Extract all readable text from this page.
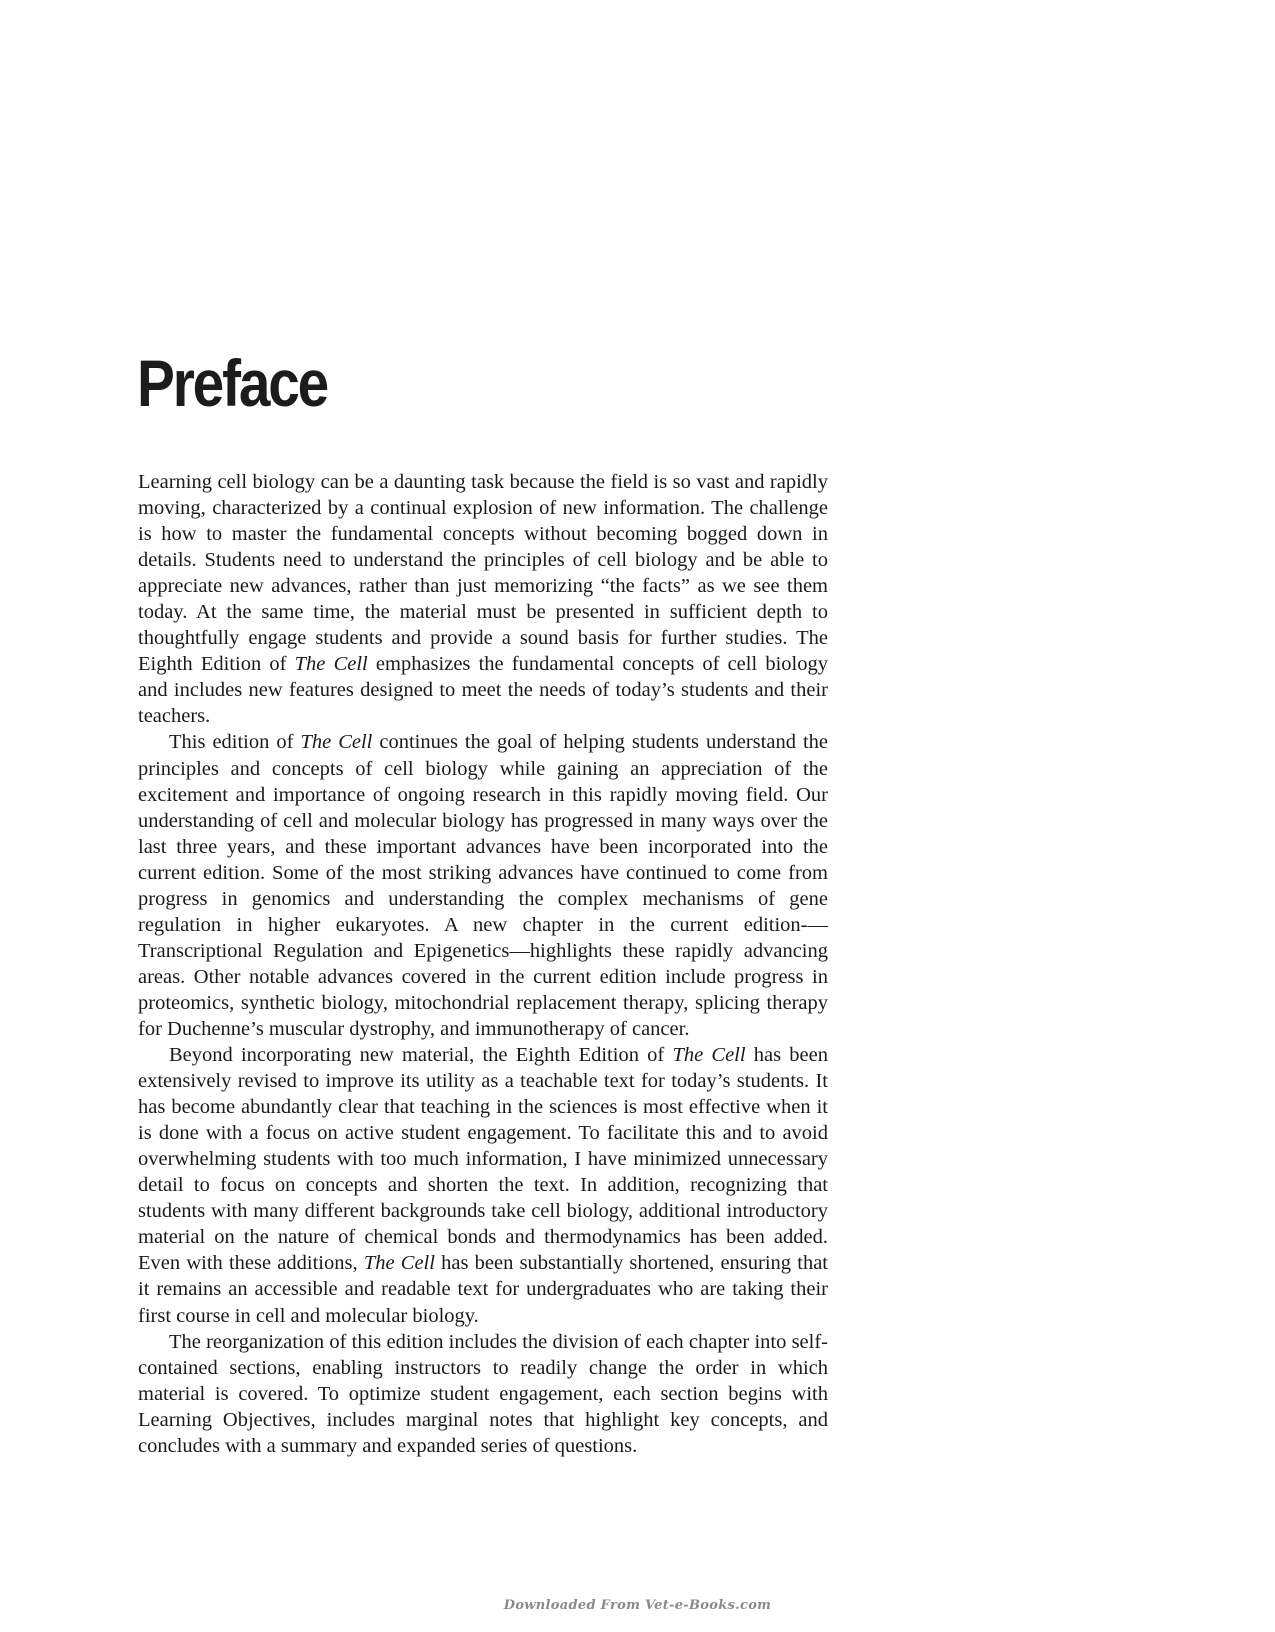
Preface

Learning cell biology can be a daunting task because the field is so vast and rapidly moving, characterized by a continual explosion of new information. The challenge is how to master the fundamental concepts without becoming bogged down in details. Students need to understand the principles of cell biology and be able to appreciate new advances, rather than just memorizing “the facts” as we see them today. At the same time, the material must be presented in sufficient depth to thoughtfully engage students and provide a sound basis for further studies. The Eighth Edition of The Cell emphasizes the fundamental concepts of cell biology and includes new features designed to meet the needs of today’s students and their teachers.

This edition of The Cell continues the goal of helping students understand the principles and concepts of cell biology while gaining an appreciation of the excitement and importance of ongoing research in this rapidly moving field. Our understanding of cell and molecular biology has progressed in many ways over the last three years, and these important advances have been incorporated into the current edition. Some of the most striking advances have continued to come from progress in genomics and understanding the complex mechanisms of gene regulation in higher eukaryotes. A new chapter in the current edition-—Transcriptional Regulation and Epigenetics—highlights these rapidly advancing areas. Other notable advances covered in the current edition include progress in proteomics, synthetic biology, mitochondrial replacement therapy, splicing therapy for Duchenne’s muscular dystrophy, and immunotherapy of cancer.

Beyond incorporating new material, the Eighth Edition of The Cell has been extensively revised to improve its utility as a teachable text for today’s students. It has become abundantly clear that teaching in the sciences is most effective when it is done with a focus on active student engagement. To facilitate this and to avoid overwhelming students with too much information, I have minimized unnecessary detail to focus on concepts and shorten the text. In addition, recognizing that students with many different backgrounds take cell biology, additional introductory material on the nature of chemical bonds and thermodynamics has been added. Even with these additions, The Cell has been substantially shortened, ensuring that it remains an accessible and readable text for undergraduates who are taking their first course in cell and molecular biology.

The reorganization of this edition includes the division of each chapter into self-contained sections, enabling instructors to readily change the order in which material is covered. To optimize student engagement, each section begins with Learning Objectives, includes marginal notes that highlight key concepts, and concludes with a summary and expanded series of questions.

Downloaded From Vet-e-Books.com
